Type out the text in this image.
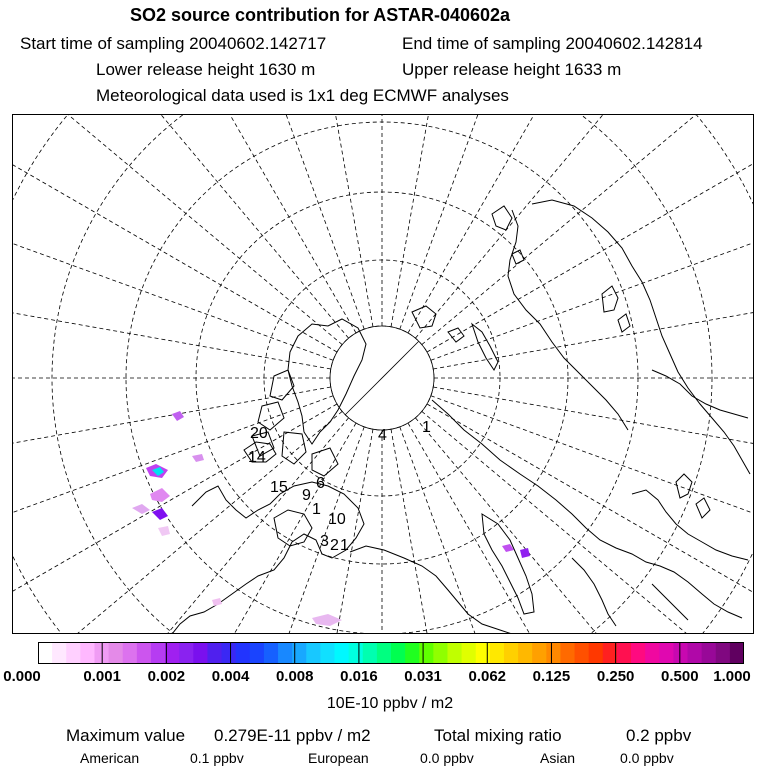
SO2 source contribution for ASTAR-040602a
Start time of sampling 20040602.142717	End time of sampling 20040602.142814
Lower release height 1630 m	Upper release height 1633 m
Meteorological data used is 1x1 deg ECMWF analyses
20
14
15 9
6
4 1
10
3 2 1
1
0.000	0.001 0.002 0.004 0.008 0.016 0.031 0.062 0.125 0.250 0.500 1.000
10E-10 ppbv / m2
Maximum value 0.279E-11 ppbv / m2	Total mixing ratio	0.2 ppbv
American	0.1 ppbv	European	0.0 ppbv	Asian	0.0 ppbv
